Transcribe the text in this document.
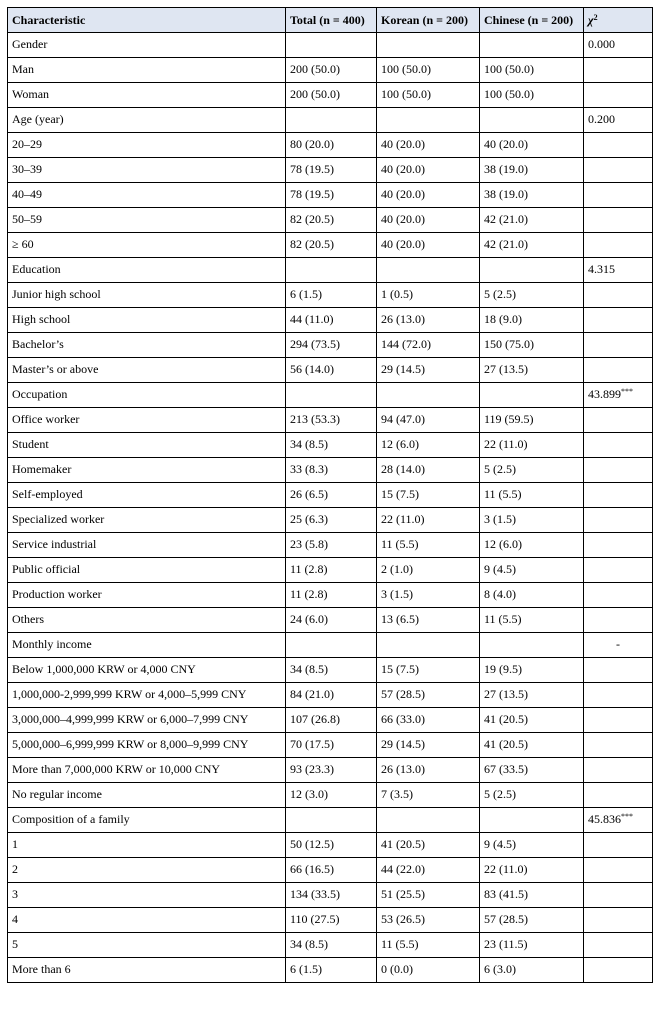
Characteristic	Total (n = 400)	Korean (n = 200)	Chinese (n = 200)	$\chi^2$
Gender				0.000
Man	200 (50.0)	100 (50.0)	100 (50.0)	
Woman	200 (50.0)	100 (50.0)	100 (50.0)	
Age (year)				0.200
20–29	80 (20.0)	40 (20.0)	40 (20.0)	
30–39	78 (19.5)	40 (20.0)	38 (19.0)	
40–49	78 (19.5)	40 (20.0)	38 (19.0)	
50–59	82 (20.5)	40 (20.0)	42 (21.0)	
≥ 60	82 (20.5)	40 (20.0)	42 (21.0)	
Education				4.315
Junior high school	6 (1.5)	1 (0.5)	5 (2.5)	
High school	44 (11.0)	26 (13.0)	18 (9.0)	
Bachelor’s	294 (73.5)	144 (72.0)	150 (75.0)	
Master’s or above	56 (14.0)	29 (14.5)	27 (13.5)	
Occupation				43.899***
Office worker	213 (53.3)	94 (47.0)	119 (59.5)	
Student	34 (8.5)	12 (6.0)	22 (11.0)	
Homemaker	33 (8.3)	28 (14.0)	5 (2.5)	
Self-employed	26 (6.5)	15 (7.5)	11 (5.5)	
Specialized worker	25 (6.3)	22 (11.0)	3 (1.5)	
Service industrial	23 (5.8)	11 (5.5)	12 (6.0)	
Public official	11 (2.8)	2 (1.0)	9 (4.5)	
Production worker	11 (2.8)	3 (1.5)	8 (4.0)	
Others	24 (6.0)	13 (6.5)	11 (5.5)	
Monthly income				-
Below 1,000,000 KRW or 4,000 CNY	34 (8.5)	15 (7.5)	19 (9.5)	
1,000,000-2,999,999 KRW or 4,000–5,999 CNY	84 (21.0)	57 (28.5)	27 (13.5)	
3,000,000–4,999,999 KRW or 6,000–7,999 CNY	107 (26.8)	66 (33.0)	41 (20.5)	
5,000,000–6,999,999 KRW or 8,000–9,999 CNY	70 (17.5)	29 (14.5)	41 (20.5)	
More than 7,000,000 KRW or 10,000 CNY	93 (23.3)	26 (13.0)	67 (33.5)	
No regular income	12 (3.0)	7 (3.5)	5 (2.5)	
Composition of a family				45.836***
1	50 (12.5)	41 (20.5)	9 (4.5)	
2	66 (16.5)	44 (22.0)	22 (11.0)	
3	134 (33.5)	51 (25.5)	83 (41.5)	
4	110 (27.5)	53 (26.5)	57 (28.5)	
5	34 (8.5)	11 (5.5)	23 (11.5)	
More than 6	6 (1.5)	0 (0.0)	6 (3.0)	
